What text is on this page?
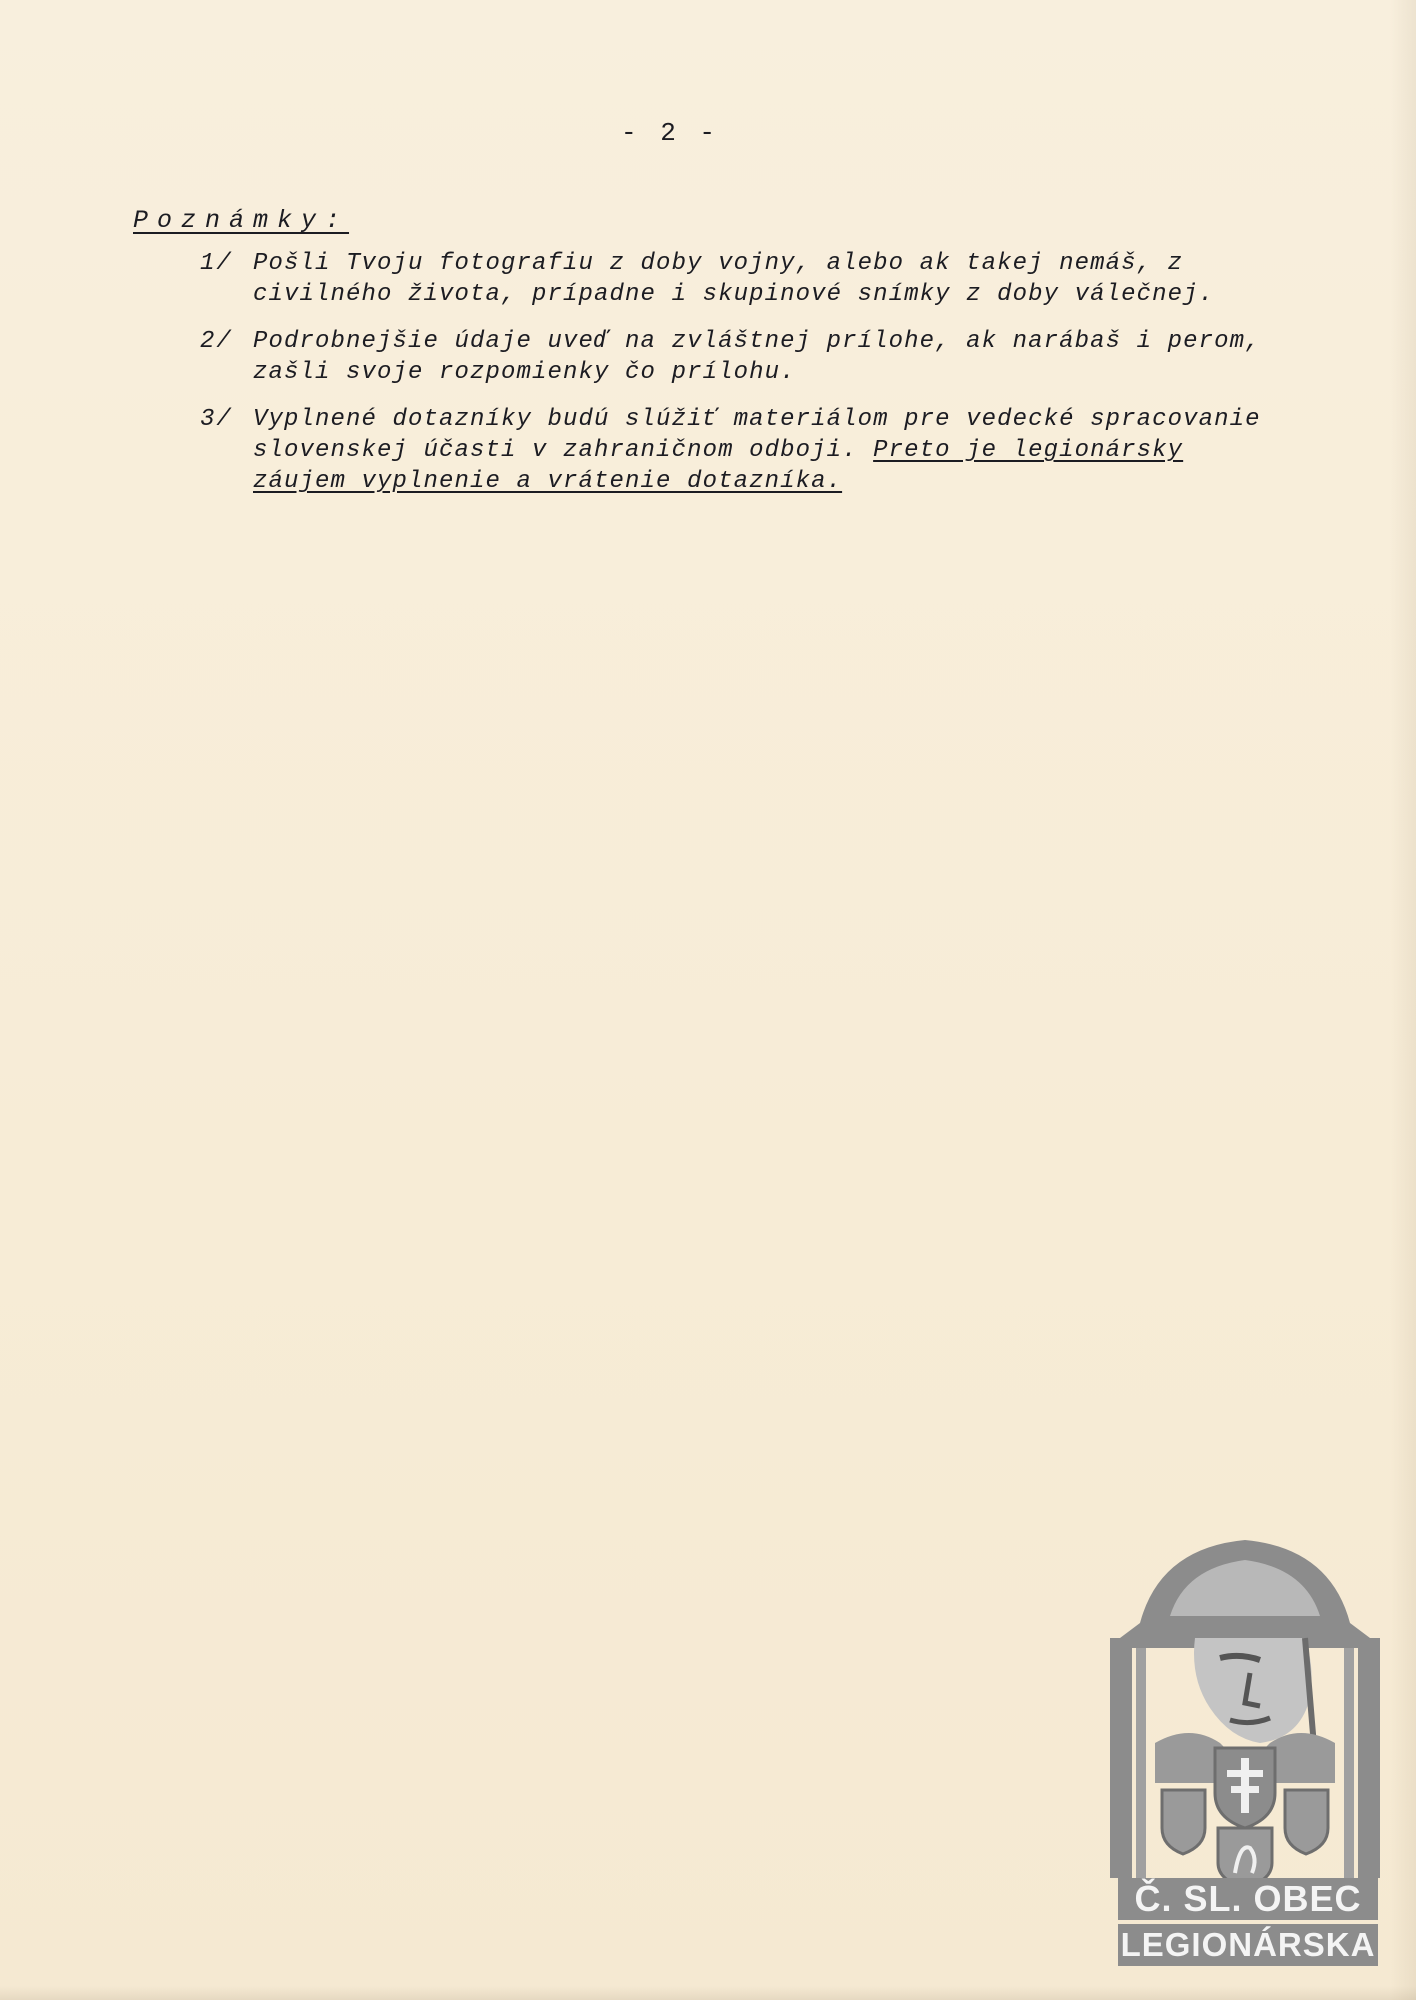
- 2 -
Poznámky:
1/ Pošli Tvoju fotografiu z doby vojny, alebo ak takej nemáš, z civilného života, prípadne i skupinové snímky z doby válečnej.
2/ Podrobnejšie údaje uveď na zvláštnej prílohe, ak narábaš i perom, zašli svoje rozpomienky čo prílohu.
3/ Vyplnené dotazníky budú slúžiť materiálom pre vedecké spracovanie slovenskej účasti v zahraničnom odboji. Preto je legionársky záujem vyplnenie a vrátenie dotazníka.
Č. SL. OBEC
LEGIONÁRSKA
